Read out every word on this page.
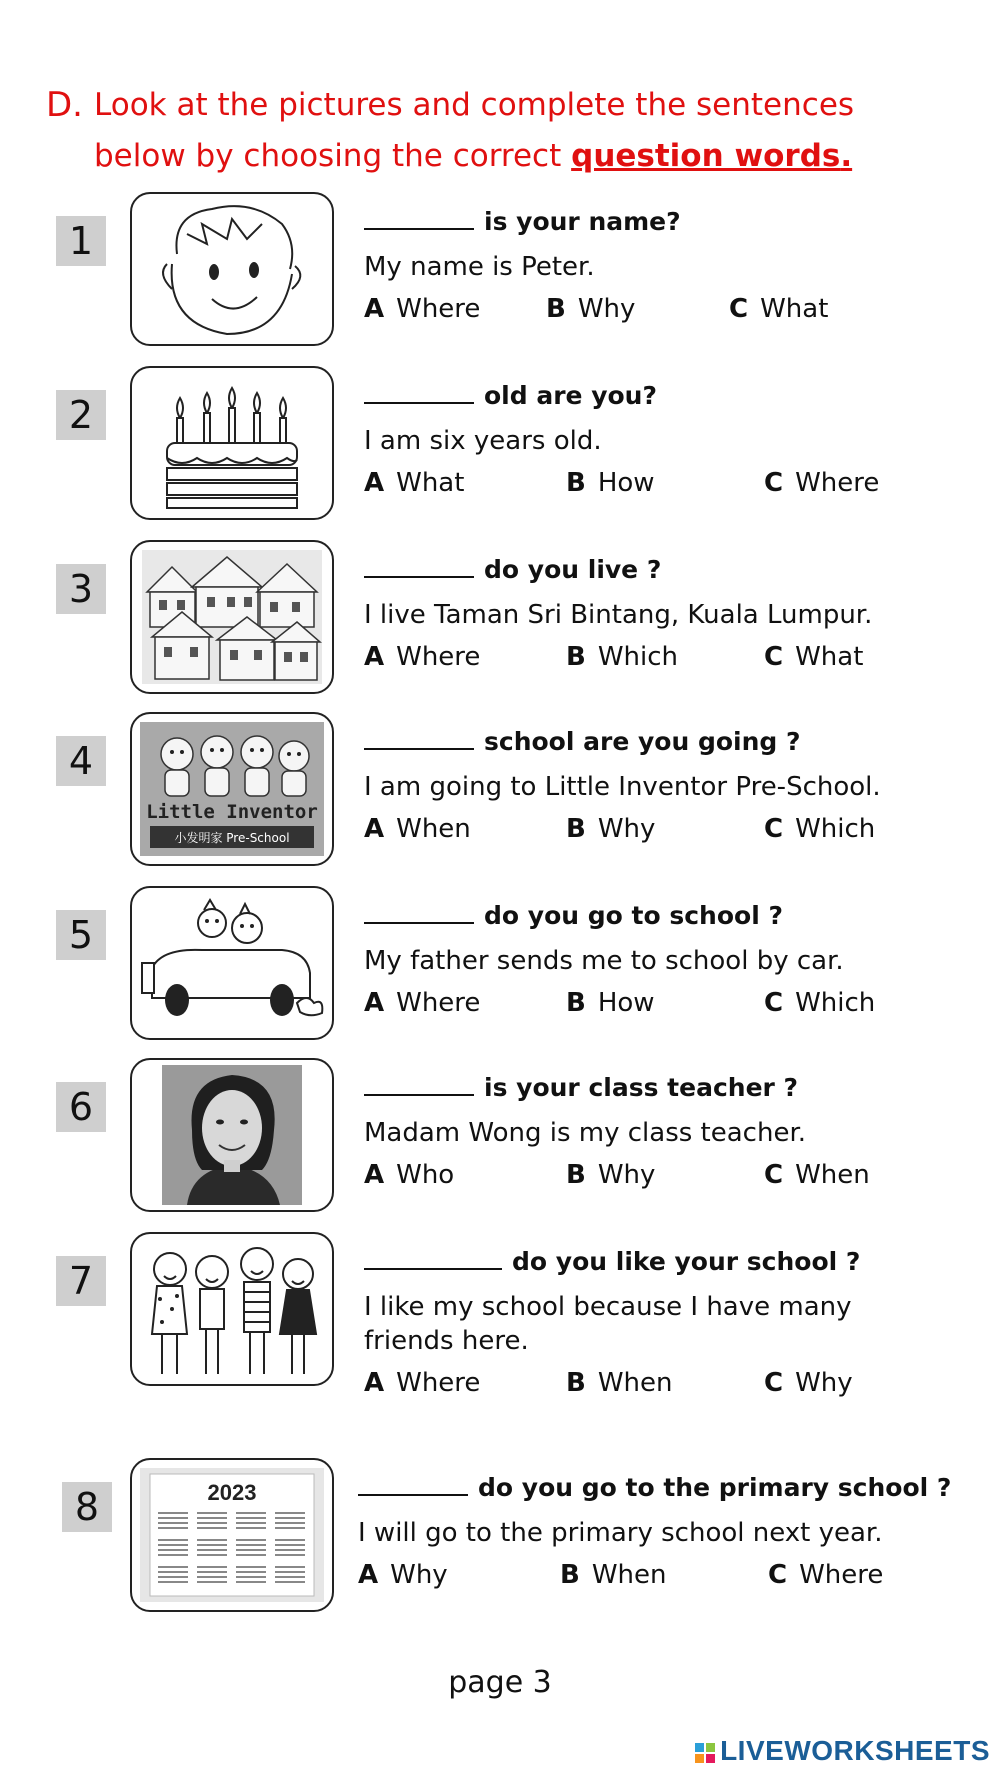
D. Look at the pictures and complete the sentences
below by choosing the correct question words.
1	is your name?
My name is Peter.
A Where	B Why	C What
2	old are you?
I am six years old.
A What	B How	C Where
3	do you live ?
I live Taman Sri Bintang, Kuala Lumpur.
A Where	B Which	C What
4
Little Inventor
小发明家 Pre-School
school are you going ?
I am going to Little Inventor Pre-School.
A When	B Why	C Which
5	do you go to school ?
My father sends me to school by car.
A Where	B How	C Which
6	is your class teacher ?
Madam Wong is my class teacher.
A Who	B Why	C When
7	do you like your school ?
I like my school because I have many friends here.
A Where	B When	C Why
8	2023	do you go to the primary school ?
I will go to the primary school next year.
A Why	B When	C Where
page 3
LIVEWORKSHEETS
